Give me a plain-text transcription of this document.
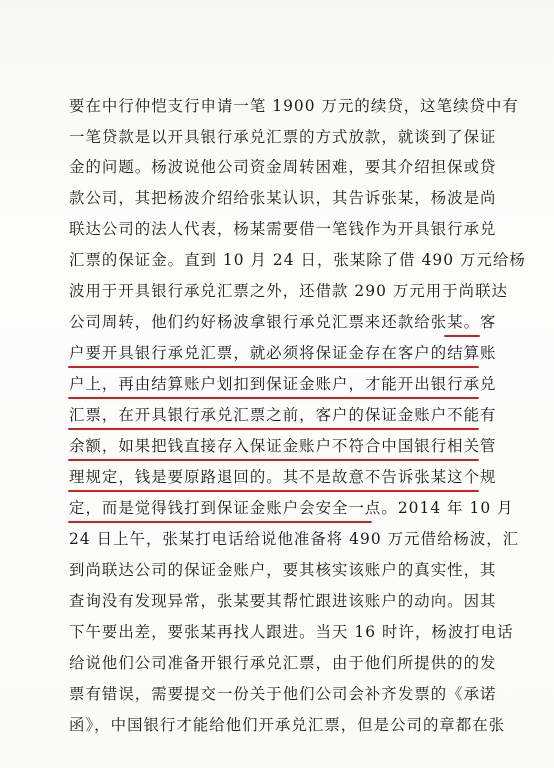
要在中行仲恺支行申请一笔 1900 万元的续贷，这笔续贷中有
一笔贷款是以开具银行承兑汇票的方式放款，就谈到了保证
金的问题。杨波说他公司资金周转困难，要其介绍担保或贷
款公司，其把杨波介绍给张某认识，其告诉张某，杨波是尚
联达公司的法人代表，杨某需要借一笔钱作为开具银行承兑
汇票的保证金。直到 10 月 24 日，张某除了借 490 万元给杨
波用于开具银行承兑汇票之外，还借款 290 万元用于尚联达
公司周转，他们约好杨波拿银行承兑汇票来还款给张某。客
户要开具银行承兑汇票，就必须将保证金存在客户的结算账
户上，再由结算账户划扣到保证金账户，才能开出银行承兑
汇票，在开具银行承兑汇票之前，客户的保证金账户不能有
余额，如果把钱直接存入保证金账户不符合中国银行相关管
理规定，钱是要原路退回的。其不是故意不告诉张某这个规
定，而是觉得钱打到保证金账户会安全一点。2014 年 10 月
24 日上午，张某打电话给说他准备将 490 万元借给杨波，汇
到尚联达公司的保证金账户，要其核实该账户的真实性，其
查询没有发现异常，张某要其帮忙跟进该账户的动向。因其
下午要出差，要张某再找人跟进。当天 16 时许，杨波打电话
给说他们公司准备开银行承兑汇票，由于他们所提供的的发
票有错误，需要提交一份关于他们公司会补齐发票的《承诺
函》，中国银行才能给他们开承兑汇票，但是公司的章都在张
